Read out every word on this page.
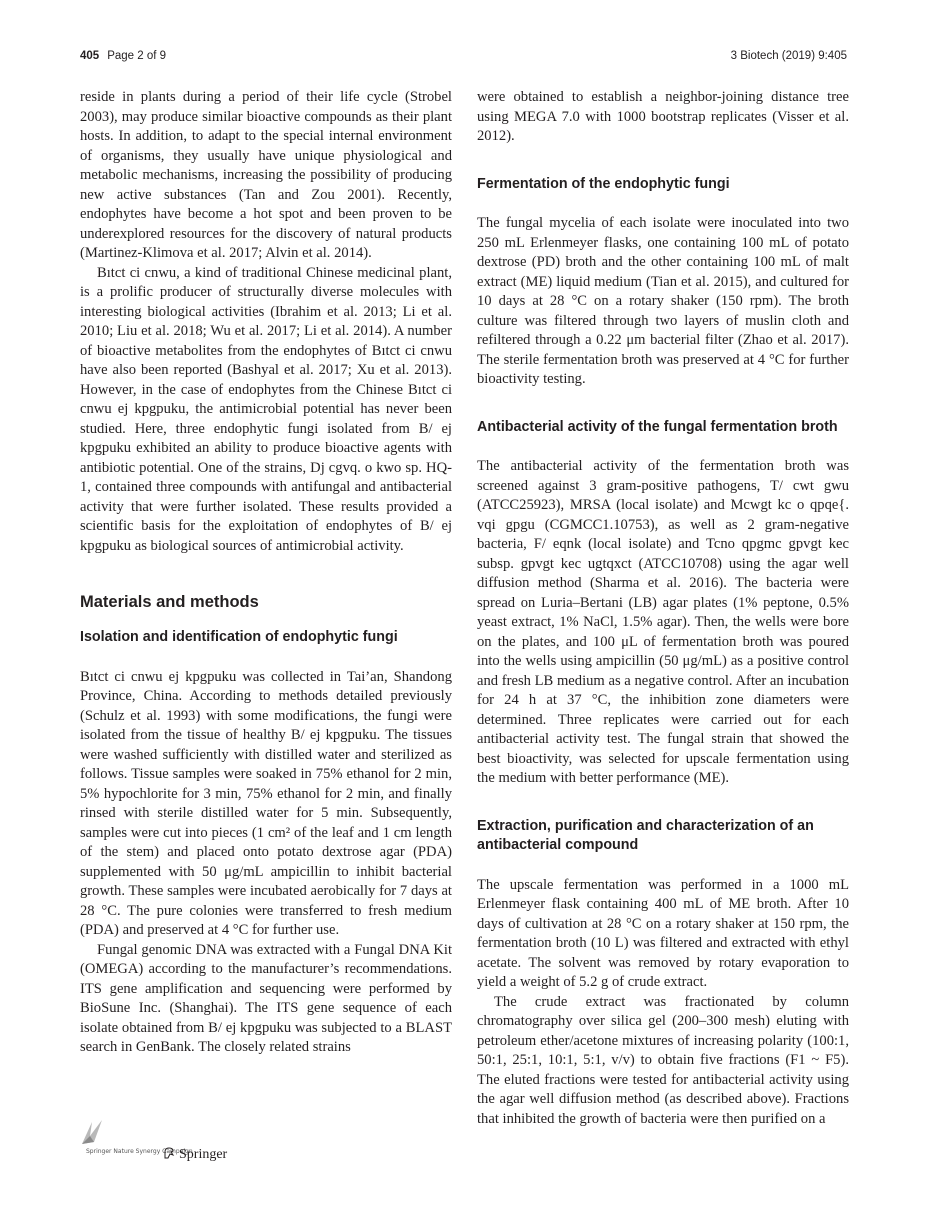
405 Page 2 of 9	3 Biotech (2019) 9:405

reside in plants during a period of their life cycle (Strobel 2003), may produce similar bioactive compounds as their plant hosts. In addition, to adapt to the special internal environment of organisms, they usually have unique physiological and metabolic mechanisms, increasing the possibility of producing new active substances (Tan and Zou 2001). Recently, endophytes have become a hot spot and been proven to be underexplored resources for the discovery of natural products (Martinez-Klimova et al. 2017; Alvin et al. 2014).

Bıtct ci cnwu, a kind of traditional Chinese medicinal plant, is a prolific producer of structurally diverse molecules with interesting biological activities (Ibrahim et al. 2013; Li et al. 2010; Liu et al. 2018; Wu et al. 2017; Li et al. 2014). A number of bioactive metabolites from the endophytes of Bıtct ci cnwu have also been reported (Bashyal et al. 2017; Xu et al. 2013). However, in the case of endophytes from the Chinese Bıtct ci cnwu ej kpgpuku, the antimicrobial potential has never been studied. Here, three endophytic fungi isolated from B/ ej kpgpuku exhibited an ability to produce bioactive agents with antibiotic potential. One of the strains, Dj cgvq. o kwo sp. HQ-1, contained three compounds with antifungal and antibacterial activity that were further isolated. These results provided a scientific basis for the exploitation of endophytes of B/ ej kpgpuku as biological sources of antimicrobial activity.

Materials and methods
Isolation and identification of endophytic fungi

Bıtct ci cnwu ej kpgpuku was collected in Tai’an, Shandong Province, China. According to methods detailed previously (Schulz et al. 1993) with some modifications, the fungi were isolated from the tissue of healthy B/ ej kpgpuku. The tissues were washed sufficiently with distilled water and sterilized as follows. Tissue samples were soaked in 75% ethanol for 2 min, 5% hypochlorite for 3 min, 75% ethanol for 2 min, and finally rinsed with sterile distilled water for 5 min. Subsequently, samples were cut into pieces (1 cm² of the leaf and 1 cm length of the stem) and placed onto potato dextrose agar (PDA) supplemented with 50 μg/mL ampicillin to inhibit bacterial growth. These samples were incubated aerobically for 7 days at 28 °C. The pure colonies were transferred to fresh medium (PDA) and preserved at 4 °C for further use.

Fungal genomic DNA was extracted with a Fungal DNA Kit (OMEGA) according to the manufacturer’s recommendations. ITS gene amplification and sequencing were performed by BioSune Inc. (Shanghai). The ITS gene sequence of each isolate obtained from B/ ej kpgpuku was subjected to a BLAST search in GenBank. The closely related strains

were obtained to establish a neighbor-joining distance tree using MEGA 7.0 with 1000 bootstrap replicates (Visser et al. 2012).

Fermentation of the endophytic fungi

The fungal mycelia of each isolate were inoculated into two 250 mL Erlenmeyer flasks, one containing 100 mL of potato dextrose (PD) broth and the other containing 100 mL of malt extract (ME) liquid medium (Tian et al. 2015), and cultured for 10 days at 28 °C on a rotary shaker (150 rpm). The broth culture was filtered through two layers of muslin cloth and refiltered through a 0.22 μm bacterial filter (Zhao et al. 2017). The sterile fermentation broth was preserved at 4 °C for further bioactivity testing.

Antibacterial activity of the fungal fermentation broth

The antibacterial activity of the fermentation broth was screened against 3 gram-positive pathogens, T/ cwt gwu (ATCC25923), MRSA (local isolate) and Mcwgt kc o qpqe{. vqi gpgu (CGMCC1.10753), as well as 2 gram-negative bacteria, F/ eqnk (local isolate) and Tcno qpgmc gpvgt kec subsp. gpvgt kec ugtqxct (ATCC10708) using the agar well diffusion method (Sharma et al. 2016). The bacteria were spread on Luria–Bertani (LB) agar plates (1% peptone, 0.5% yeast extract, 1% NaCl, 1.5% agar). Then, the wells were bore on the plates, and 100 μL of fermentation broth was poured into the wells using ampicillin (50 μg/mL) as a positive control and fresh LB medium as a negative control. After an incubation for 24 h at 37 °C, the inhibition zone diameters were determined. Three replicates were carried out for each antibacterial activity test. The fungal strain that showed the best bioactivity, was selected for upscale fermentation using the medium with better performance (ME).

Extraction, purification and characterization of an antibacterial compound

The upscale fermentation was performed in a 1000 mL Erlenmeyer flask containing 400 mL of ME broth. After 10 days of cultivation at 28 °C on a rotary shaker at 150 rpm, the fermentation broth (10 L) was filtered and extracted with ethyl acetate. The solvent was removed by rotary evaporation to yield a weight of 5.2 g of crude extract.

The crude extract was fractionated by column chromatography over silica gel (200–300 mesh) eluting with petroleum ether/acetone mixtures of increasing polarity (100:1, 50:1, 25:1, 10:1, 5:1, v/v) to obtain five fractions (F1 ~ F5). The eluted fractions were tested for antibacterial activity using the agar well diffusion method (as described above). Fractions that inhibited the growth of bacteria were then purified on a

Springer Nature Synergy Campaign
Springer
